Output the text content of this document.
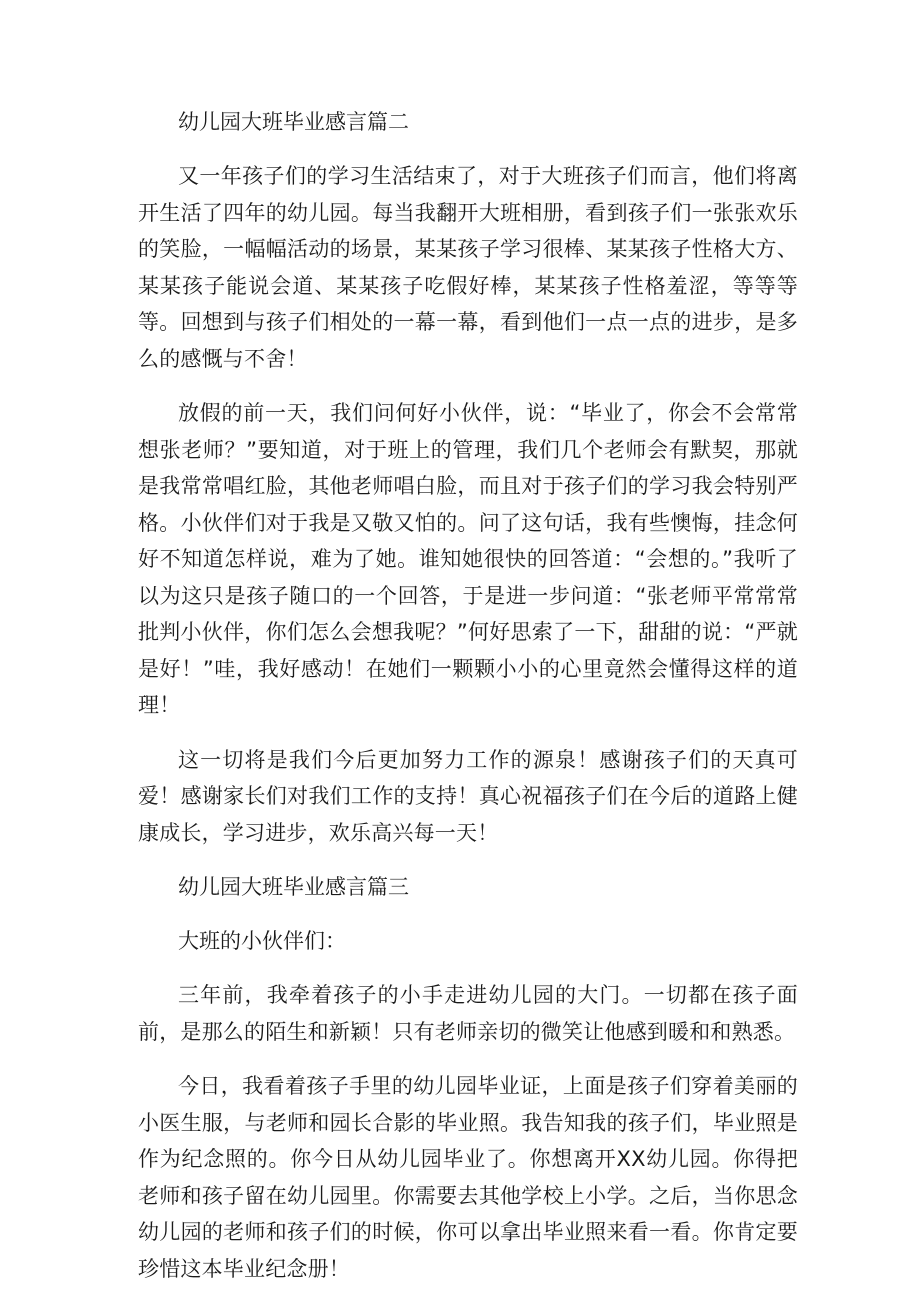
幼儿园大班毕业感言篇二

又一年孩子们的学习生活结束了，对于大班孩子们而言，他们将离开生活了四年的幼儿园。每当我翻开大班相册，看到孩子们一张张欢乐的笑脸，一幅幅活动的场景，某某孩子学习很棒、某某孩子性格大方、某某孩子能说会道、某某孩子吃假好棒，某某孩子性格羞涩，等等等等。回想到与孩子们相处的一幕一幕，看到他们一点一点的进步，是多么的感慨与不舍！

放假的前一天，我们问何好小伙伴，说：“毕业了，你会不会常常想张老师？”要知道，对于班上的管理，我们几个老师会有默契，那就是我常常唱红脸，其他老师唱白脸，而且对于孩子们的学习我会特别严格。小伙伴们对于我是又敬又怕的。问了这句话，我有些懊悔，挂念何好不知道怎样说，难为了她。谁知她很快的回答道：“会想的。”我听了以为这只是孩子随口的一个回答，于是进一步问道：“张老师平常常常批判小伙伴，你们怎么会想我呢？”何好思索了一下，甜甜的说：“严就是好！”哇，我好感动！在她们一颗颗小小的心里竟然会懂得这样的道理！

这一切将是我们今后更加努力工作的源泉！感谢孩子们的天真可爱！感谢家长们对我们工作的支持！真心祝福孩子们在今后的道路上健康成长，学习进步，欢乐高兴每一天！

幼儿园大班毕业感言篇三
大班的小伙伴们：

三年前，我牵着孩子的小手走进幼儿园的大门。一切都在孩子面前，是那么的陌生和新颖！只有老师亲切的微笑让他感到暖和和熟悉。

今日，我看着孩子手里的幼儿园毕业证，上面是孩子们穿着美丽的小医生服，与老师和园长合影的毕业照。我告知我的孩子们，毕业照是作为纪念照的。你今日从幼儿园毕业了。你想离开XX幼儿园。你得把老师和孩子留在幼儿园里。你需要去其他学校上小学。之后，当你思念幼儿园的老师和孩子们的时候，你可以拿出毕业照来看一看。你肯定要珍惜这本毕业纪念册！
